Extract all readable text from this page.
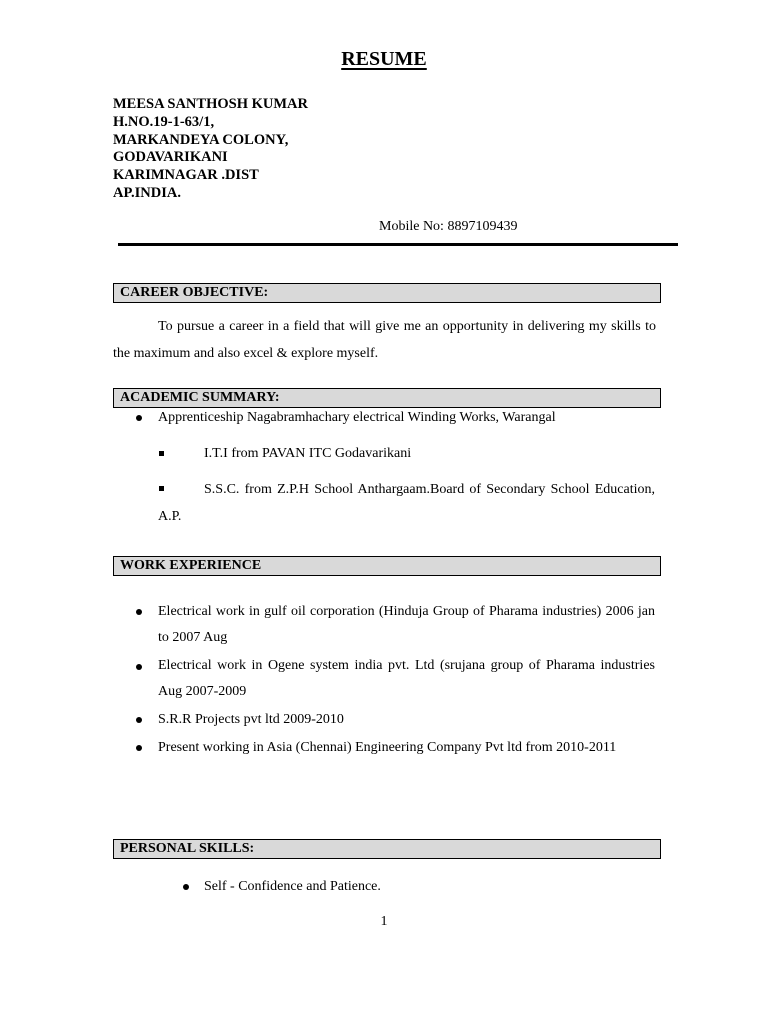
RESUME
MEESA SANTHOSH KUMAR
H.NO.19-1-63/1,
MARKANDEYA COLONY,
GODAVARIKANI
KARIMNAGAR .DIST
AP.INDIA.
Mobile No: 8897109439
CAREER OBJECTIVE:
To pursue a career in a field that will give me an opportunity in delivering my skills to the maximum and also excel & explore myself.
ACADEMIC SUMMARY:
Apprenticeship Nagabramhachary electrical Winding Works, Warangal
I.T.I from PAVAN ITC Godavarikani
S.S.C. from Z.P.H School Anthargaam.Board of Secondary School Education, A.P.
WORK EXPERIENCE
Electrical work in gulf oil corporation (Hinduja Group of Pharama industries) 2006 jan to 2007 Aug
Electrical work in Ogene system india pvt. Ltd (srujana group of Pharama industries Aug 2007-2009
S.R.R Projects pvt ltd 2009-2010
Present working in Asia (Chennai) Engineering Company Pvt ltd from 2010-2011
PERSONAL SKILLS:
Self - Confidence and Patience.
1
